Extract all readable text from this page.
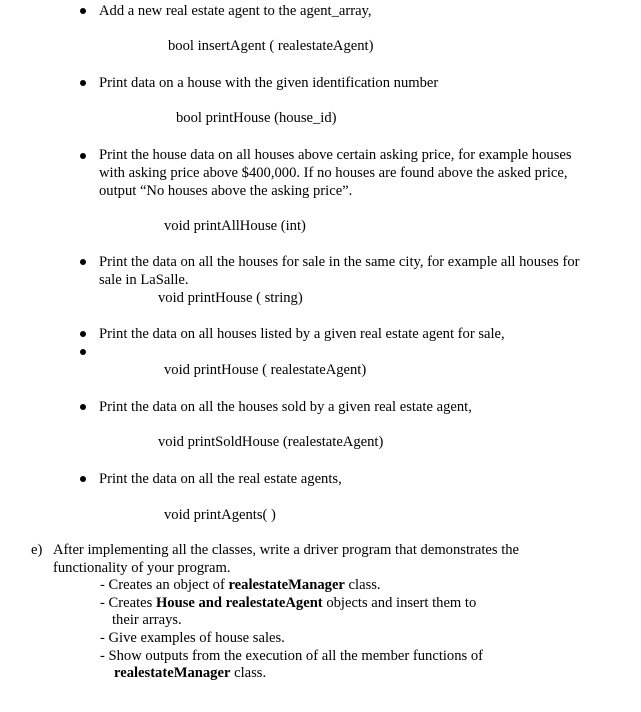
Add a new real estate agent to the agent_array,

bool insertAgent ( realestateAgent)

Print data on a house with the given identification number

bool printHouse (house_id)

Print the house data on all houses above certain asking price, for example houses

with asking price above $400,000. If no houses are found above the asked price,

output “No houses above the asking price”.

void printAllHouse (int)

Print the data on all the houses for sale in the same city, for example all houses for

sale in LaSalle.

void printHouse ( string)

Print the data on all houses listed by a given real estate agent for sale,

void printHouse ( realestateAgent)

Print the data on all the houses sold by a given real estate agent,

void printSoldHouse (realestateAgent)

Print the data on all the real estate agents,

void printAgents( )

e) After implementing all the classes, write a driver program that demonstrates the

functionality of your program.

- Creates an object of realestateManager class.

- Creates House and realestateAgent objects and insert them to

their arrays.

- Give examples of house sales.

- Show outputs from the execution of all the member functions of

realestateManager class.
